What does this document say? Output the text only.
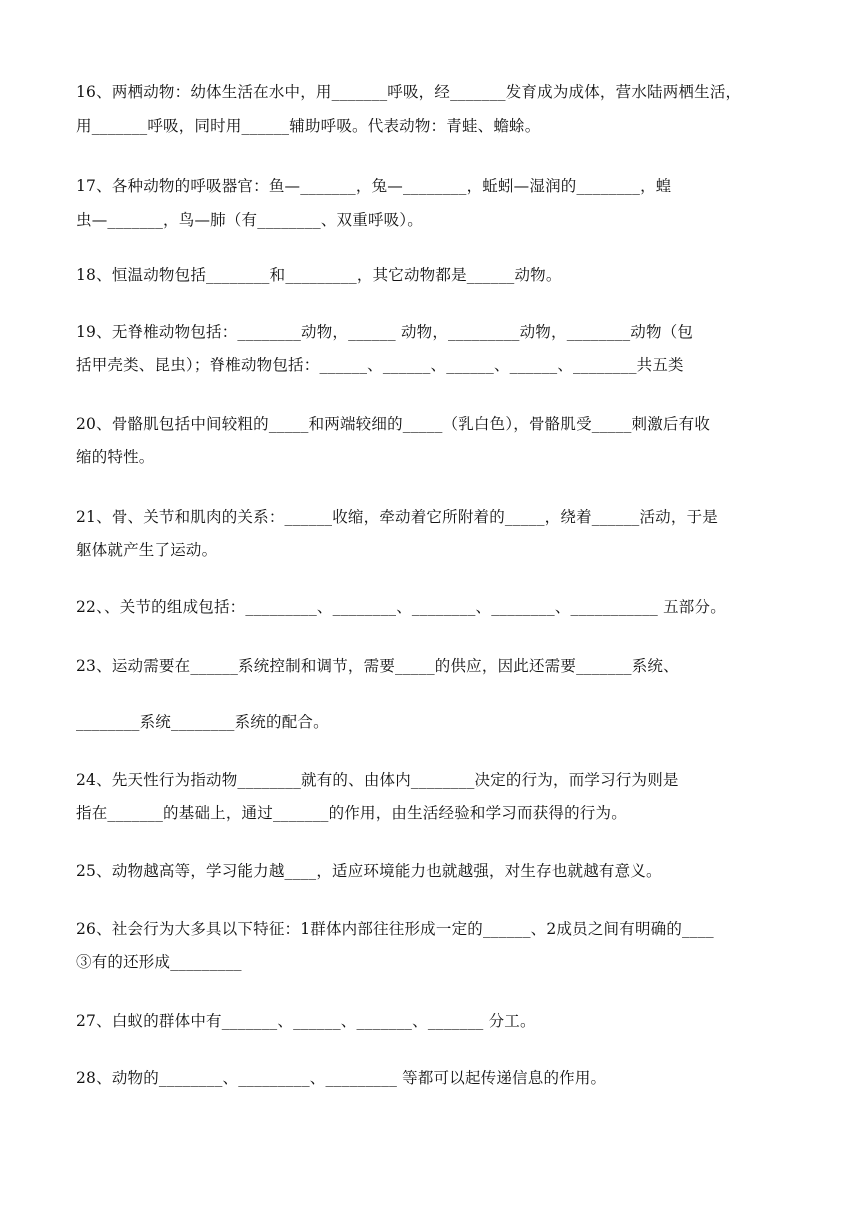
16、两栖动物：幼体生活在水中，用_______呼吸，经_______发育成为成体，营水陆两栖生活，
用_______呼吸，同时用______辅助呼吸。代表动物：青蛙、蟾蜍。
17、各种动物的呼吸器官：鱼—_______，兔—________，蚯蚓—湿润的________，蝗
虫—_______，鸟—肺（有________、双重呼吸）。
18、恒温动物包括________和_________，其它动物都是______动物。
19、无脊椎动物包括：________动物，______ 动物，_________动物，________动物（包
括甲壳类、昆虫）；脊椎动物包括：______、______、______、______、________共五类
20、骨骼肌包括中间较粗的_____和两端较细的_____（乳白色），骨骼肌受_____刺激后有收
缩的特性。
21、骨、关节和肌肉的关系：______收缩，牵动着它所附着的_____，绕着______活动，于是
躯体就产生了运动。
22、、关节的组成包括：_________、________、________、________、___________ 五部分。
23、运动需要在______系统控制和调节，需要_____的供应，因此还需要_______系统、
________系统________系统的配合。
24、先天性行为指动物________就有的、由体内________决定的行为，而学习行为则是
指在_______的基础上，通过_______的作用，由生活经验和学习而获得的行为。
25、动物越高等，学习能力越____，适应环境能力也就越强，对生存也就越有意义。
26、社会行为大多具以下特征：1群体内部往往形成一定的______、2成员之间有明确的____
③有的还形成_________
27、白蚁的群体中有_______、______、_______、_______ 分工。
28、动物的________、_________、_________ 等都可以起传递信息的作用。
